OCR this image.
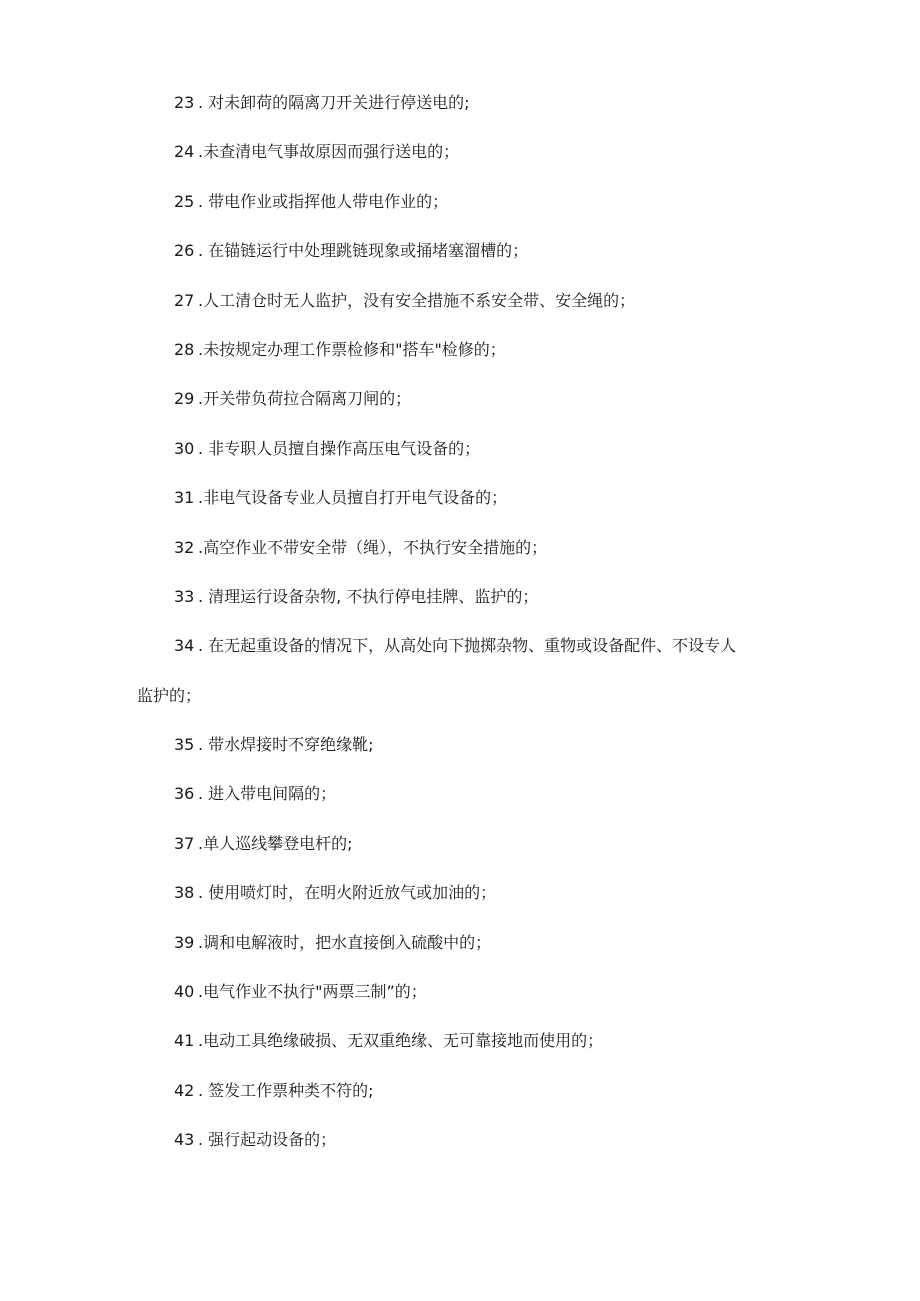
23 . 对未卸荷的隔离刀开关进行停送电的;
24 .未查清电气事故原因而强行送电的；
25 . 带电作业或指挥他人带电作业的；
26 . 在锚链运行中处理跳链现象或捅堵塞溜槽的；
27 .人工清仓时无人监护，没有安全措施不系安全带、安全绳的；
28 .未按规定办理工作票检修和"搭车"检修的；
29 .开关带负荷拉合隔离刀闸的；
30 . 非专职人员擅自操作高压电气设备的；
31 .非电气设备专业人员擅自打开电气设备的；
32 .高空作业不带安全带（绳），不执行安全措施的；
33 . 清理运行设备杂物, 不执行停电挂牌、监护的；
34 . 在无起重设备的情况下，从高处向下抛掷杂物、重物或设备配件、不设专人
监护的；
35 . 带水焊接时不穿绝缘靴;
36 . 进入带电间隔的；
37 .单人巡线攀登电杆的;
38 . 使用喷灯时，在明火附近放气或加油的；
39 .调和电解液时，把水直接倒入硫酸中的；
40 .电气作业不执行"两票三制”的；
41 .电动工具绝缘破损、无双重绝缘、无可靠接地而使用的；
42 . 签发工作票种类不符的;
43 . 强行起动设备的；
